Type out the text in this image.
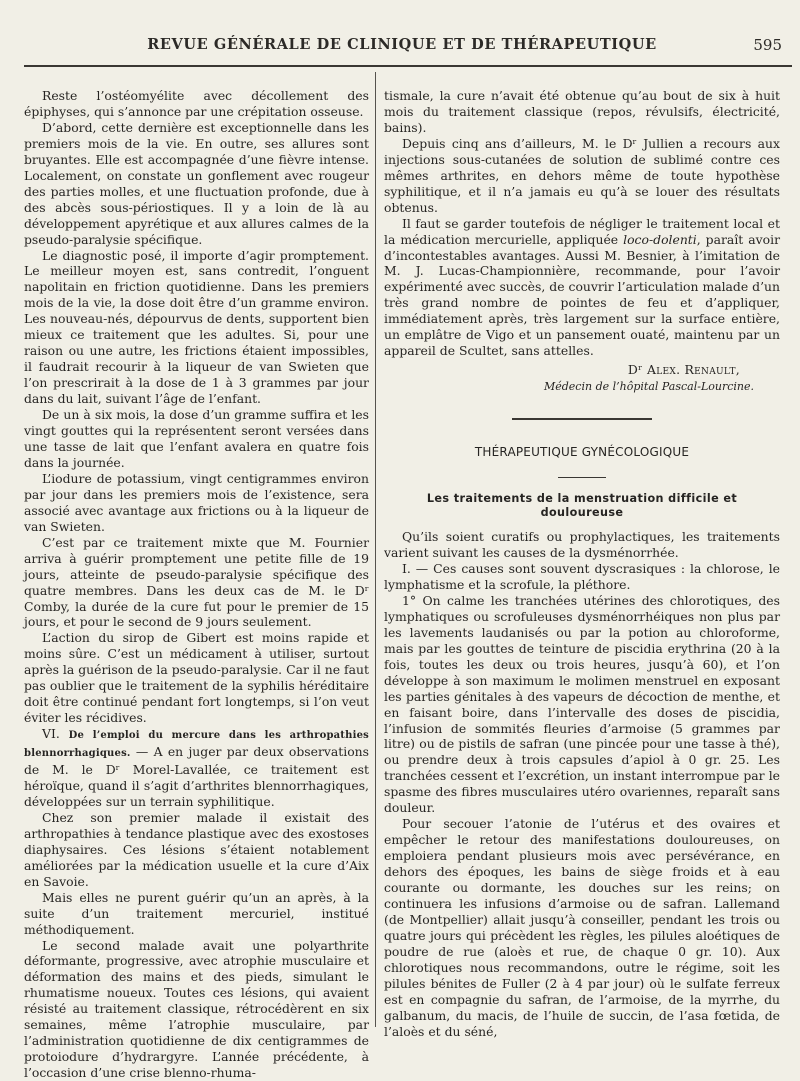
REVUE GÉNÉRALE DE CLINIQUE ET DE THÉRAPEUTIQUE	595

Reste l’ostéomyélite avec décollement des épiphyses, qui s’annonce par une crépitation osseuse.

D’abord, cette dernière est exceptionnelle dans les premiers mois de la vie. En outre, ses allures sont bruyantes. Elle est accompagnée d’une fièvre intense. Localement, on constate un gonflement avec rougeur des parties molles, et une fluctuation profonde, due à des abcès sous-périostiques. Il y a loin de là au développement apyrétique et aux allures calmes de la pseudo-paralysie spécifique.

Le diagnostic posé, il importe d’agir promptement. Le meilleur moyen est, sans contredit, l’onguent napolitain en friction quotidienne. Dans les premiers mois de la vie, la dose doit être d’un gramme environ. Les nouveau-nés, dépourvus de dents, supportent bien mieux ce traitement que les adultes. Si, pour une raison ou une autre, les frictions étaient impossibles, il faudrait recourir à la liqueur de van Swieten que l’on prescrirait à la dose de 1 à 3 grammes par jour dans du lait, suivant l’âge de l’enfant.

De un à six mois, la dose d’un gramme suffira et les vingt gouttes qui la représentent seront versées dans une tasse de lait que l’enfant avalera en quatre fois dans la journée.

L’iodure de potassium, vingt centigrammes environ par jour dans les premiers mois de l’existence, sera associé avec avantage aux frictions ou à la liqueur de van Swieten.

C’est par ce traitement mixte que M. Fournier arriva à guérir promptement une petite fille de 19 jours, atteinte de pseudo-paralysie spécifique des quatre membres. Dans les deux cas de M. le Dʳ Comby, la durée de la cure fut pour le premier de 15 jours, et pour le second de 9 jours seulement.

L’action du sirop de Gibert est moins rapide et moins sûre. C’est un médicament à utiliser, surtout après la guérison de la pseudo-paralysie. Car il ne faut pas oublier que le traitement de la syphilis héréditaire doit être continué pendant fort longtemps, si l’on veut éviter les récidives.

VI. De l’emploi du mercure dans les arthropathies blennorrhagiques. — A en juger par deux observations de M. le Dʳ Morel-Lavallée, ce traitement est héroïque, quand il s’agit d’arthrites blennorrhagiques, développées sur un terrain syphilitique.

Chez son premier malade il existait des arthropathies à tendance plastique avec des exostoses diaphysaires. Ces lésions s’étaient notablement améliorées par la médication usuelle et la cure d’Aix en Savoie.

Mais elles ne purent guérir qu’un an après, à la suite d’un traitement mercuriel, institué méthodiquement.

Le second malade avait une polyarthrite déformante, progressive, avec atrophie musculaire et déformation des mains et des pieds, simulant le rhumatisme noueux. Toutes ces lésions, qui avaient résisté au traitement classique, rétrocédèrent en six semaines, même l’atrophie musculaire, par l’administration quotidienne de dix centigrammes de protoiodure d’hydrargyre. L’année précédente, à l’occasion d’une crise blenno-rhuma-

tismale, la cure n’avait été obtenue qu’au bout de six à huit mois du traitement classique (repos, révulsifs, électricité, bains).

Depuis cinq ans d’ailleurs, M. le Dʳ Jullien a recours aux injections sous-cutanées de solution de sublimé contre ces mêmes arthrites, en dehors même de toute hypothèse syphilitique, et il n’a jamais eu qu’à se louer des résultats obtenus.

Il faut se garder toutefois de négliger le traitement local et la médication mercurielle, appliquée loco-dolenti, paraît avoir d’incontestables avantages. Aussi M. Besnier, à l’imitation de M. J. Lucas-Championnière, recommande, pour l’avoir expérimenté avec succès, de couvrir l’articulation malade d’un très grand nombre de pointes de feu et d’appliquer, immédiatement après, très largement sur la surface entière, un emplâtre de Vigo et un pansement ouaté, maintenu par un appareil de Scultet, sans attelles.

Dʳ Alex. Renault,
Médecin de l’hôpital Pascal-Lourcine.
THÉRAPEUTIQUE GYNÉCOLOGIQUE
Les traitements de la menstruation difficile et douloureuse

Qu’ils soient curatifs ou prophylactiques, les traitements varient suivant les causes de la dysménorrhée.

I. — Ces causes sont souvent dyscrasiques : la chlorose, le lymphatisme et la scrofule, la pléthore.

1° On calme les tranchées utérines des chlorotiques, des lymphatiques ou scrofuleuses dysménorrhéiques non plus par les lavements laudanisés ou par la potion au chloroforme, mais par les gouttes de teinture de piscidia erythrina (20 à la fois, toutes les deux ou trois heures, jusqu’à 60), et l’on développe à son maximum le molimen menstruel en exposant les parties génitales à des vapeurs de décoction de menthe, et en faisant boire, dans l’intervalle des doses de piscidia, l’infusion de sommités fleuries d’armoise (5 grammes par litre) ou de pistils de safran (une pincée pour une tasse à thé), ou prendre deux à trois capsules d’apiol à 0 gr. 25. Les tranchées cessent et l’excrétion, un instant interrompue par le spasme des fibres musculaires utéro ovariennes, reparaît sans douleur.

Pour secouer l’atonie de l’utérus et des ovaires et empêcher le retour des manifestations douloureuses, on emploiera pendant plusieurs mois avec persévérance, en dehors des époques, les bains de siège froids et à eau courante ou dormante, les douches sur les reins; on continuera les infusions d’armoise ou de safran. Lallemand (de Montpellier) allait jusqu’à conseiller, pendant les trois ou quatre jours qui précèdent les règles, les pilules aloétiques de poudre de rue (aloès et rue, de chaque 0 gr. 10). Aux chlorotiques nous recommandons, outre le régime, soit les pilules bénites de Fuller (2 à 4 par jour) où le sulfate ferreux est en compagnie du safran, de l’armoise, de la myrrhe, du galbanum, du macis, de l’huile de succin, de l’asa fœtida, de l’aloès et du séné,
